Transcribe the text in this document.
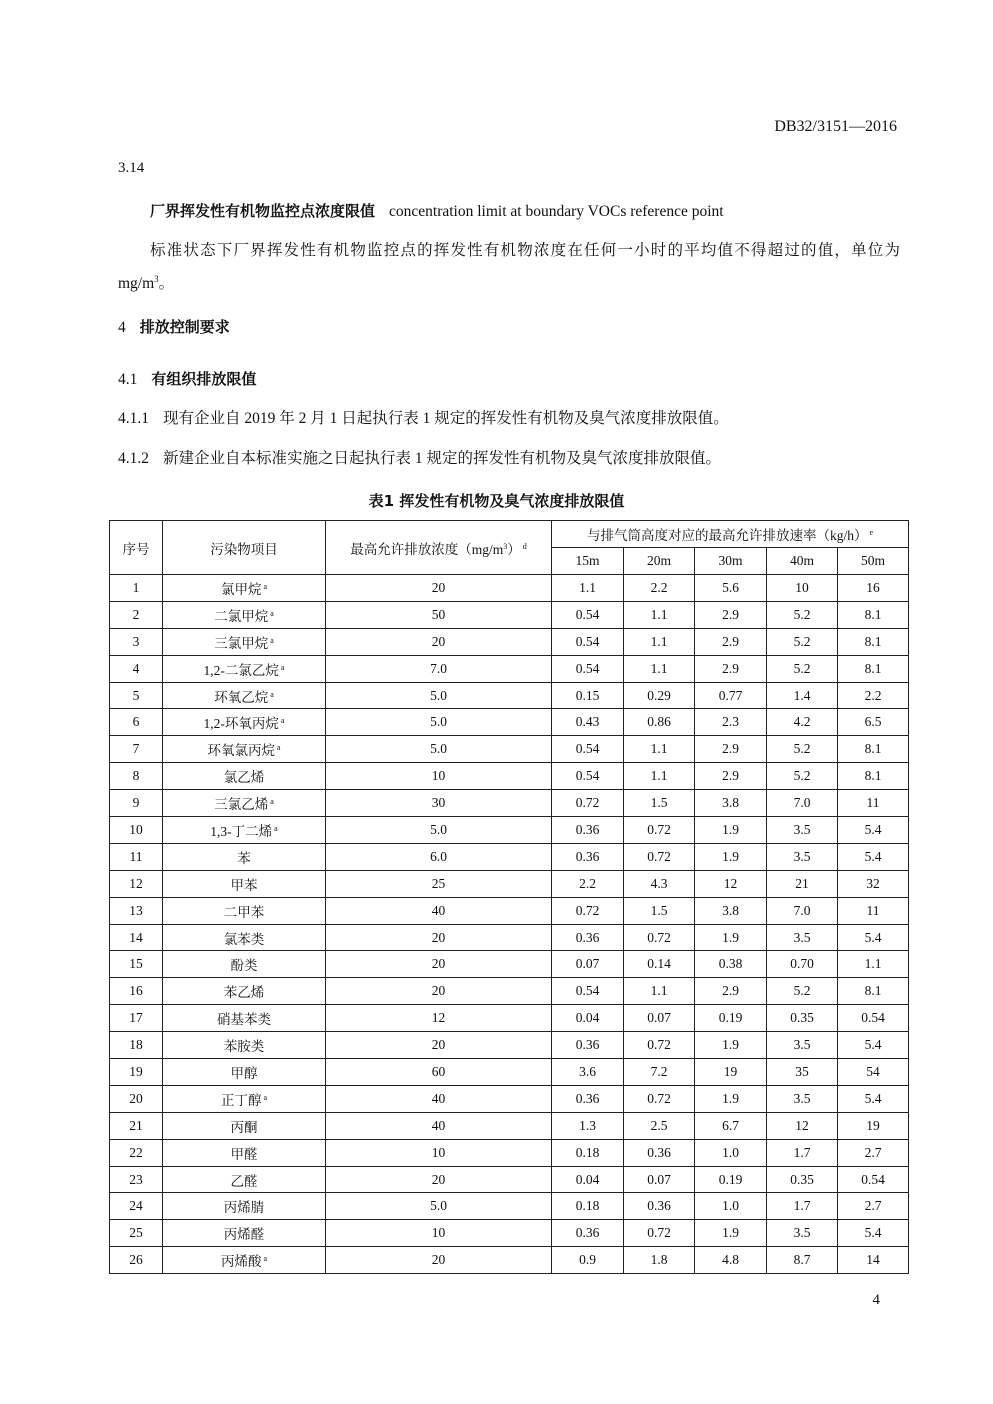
DB32/3151—2016
3.14
厂界挥发性有机物监控点浓度限值 concentration limit at boundary VOCs reference point
标准状态下厂界挥发性有机物监控点的挥发性有机物浓度在任何一小时的平均值不得超过的值，单位为$mg/m^3$。
4 排放控制要求
4.1 有组织排放限值
4.1.1 现有企业自 2019 年 2 月 1 日起执行表 1 规定的挥发性有机物及臭气浓度排放限值。
4.1.2 新建企业自本标准实施之日起执行表 1 规定的挥发性有机物及臭气浓度排放限值。
表1 挥发性有机物及臭气浓度排放限值
序号	污染物项目	最高允许排放浓度$(mg/m^3)$ $^d$	与排气筒高度对应的最高允许排放速率（kg/h） $^e$
			15m	20m	30m	40m	50m
1	氯甲烷 $^a$	20	1.1	2.2	5.6	10	16
2	二氯甲烷 $^a$	50	0.54	1.1	2.9	5.2	8.1
3	三氯甲烷 $^a$	20	0.54	1.1	2.9	5.2	8.1
4	1,2-二氯乙烷 $^a$	7.0	0.54	1.1	2.9	5.2	8.1
5	环氧乙烷 $^a$	5.0	0.15	0.29	0.77	1.4	2.2
6	1,2-环氧丙烷 $^a$	5.0	0.43	0.86	2.3	4.2	6.5
7	环氧氯丙烷 $^a$	5.0	0.54	1.1	2.9	5.2	8.1
8	氯乙烯	10	0.54	1.1	2.9	5.2	8.1
9	三氯乙烯 $^a$	30	0.72	1.5	3.8	7.0	11
10	1,3-丁二烯 $^a$	5.0	0.36	0.72	1.9	3.5	5.4
11	苯	6.0	0.36	0.72	1.9	3.5	5.4
12	甲苯	25	2.2	4.3	12	21	32
13	二甲苯	40	0.72	1.5	3.8	7.0	11
14	氯苯类	20	0.36	0.72	1.9	3.5	5.4
15	酚类	20	0.07	0.14	0.38	0.70	1.1
16	苯乙烯	20	0.54	1.1	2.9	5.2	8.1
17	硝基苯类	12	0.04	0.07	0.19	0.35	0.54
18	苯胺类	20	0.36	0.72	1.9	3.5	5.4
19	甲醇	60	3.6	7.2	19	35	54
20	正丁醇 $^a$	40	0.36	0.72	1.9	3.5	5.4
21	丙酮	40	1.3	2.5	6.7	12	19
22	甲醛	10	0.18	0.36	1.0	1.7	2.7
23	乙醛	20	0.04	0.07	0.19	0.35	0.54
24	丙烯腈	5.0	0.18	0.36	1.0	1.7	2.7
25	丙烯醛	10	0.36	0.72	1.9	3.5	5.4
26	丙烯酸 $^a$	20	0.9	1.8	4.8	8.7	14
4
